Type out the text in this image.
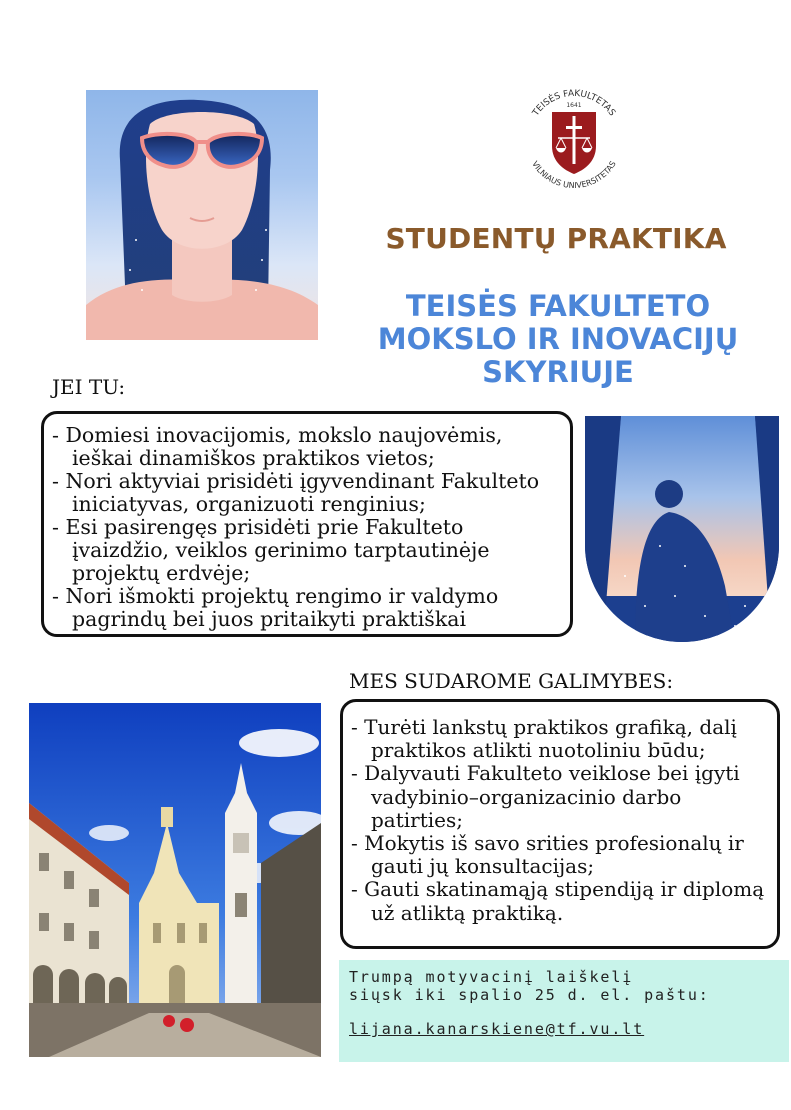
1641
TEISĖS FAKULTETAS
VILNIAUS UNIVERSITETAS
STUDENTŲ PRAKTIKA
TEISĖS FAKULTETO
MOKSLO IR INOVACIJŲ
SKYRIUJE
JEI TU:
- Domiesi inovacijomis, mokslo naujovėmis, ieškai dinamiškos praktikos vietos;
- Nori aktyviai prisidėti įgyvendinant Fakulteto iniciatyvas, organizuoti renginius;
- Esi pasirengęs prisidėti prie Fakulteto įvaizdžio, veiklos gerinimo tarptautinėje projektų erdvėje;
- Nori išmokti projektų rengimo ir valdymo pagrindų bei juos pritaikyti praktiškai
MES SUDAROME GALIMYBES:
- Turėti lankstų praktikos grafiką, dalį praktikos atlikti nuotoliniu būdu;
- Dalyvauti Fakulteto veiklose bei įgyti vadybinio–organizacinio darbo patirties;
- Mokytis iš savo srities profesionalų ir gauti jų konsultacijas;
- Gauti skatinamąją stipendiją ir diplomą už atliktą praktiką.
Trumpą motyvacinį laiškelį
siųsk iki spalio 25 d. el. paštu:
lijana.kanarskiene@tf.vu.lt
